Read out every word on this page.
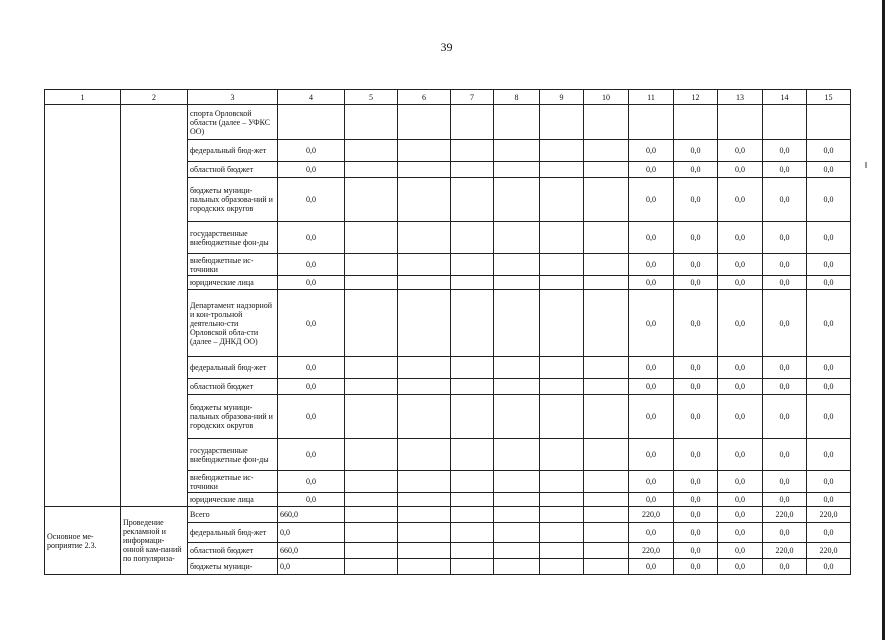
39
1	2	3	4	5	6	7	8	9	10	11	12	13	14	15
		спорта Орловской области (далее – УФКС ОО)												
		федеральный бюд-жет	0,0							0,0	0,0	0,0	0,0	0,0
		областной бюджет	0,0							0,0	0,0	0,0	0,0	0,0
		бюджеты муници-пальных образова-ний и городских округов	0,0							0,0	0,0	0,0	0,0	0,0
		государственные внебюджетные фон-ды	0,0							0,0	0,0	0,0	0,0	0,0
		внебюджетные ис-точники	0,0							0,0	0,0	0,0	0,0	0,0
		юридические лица	0,0							0,0	0,0	0,0	0,0	0,0
		Департамент надзорной и кон-трольной деятельно-сти Орловской обла-сти (далее – ДНКД ОО)	0,0							0,0	0,0	0,0	0,0	0,0
		федеральный бюд-жет	0,0							0,0	0,0	0,0	0,0	0,0
		областной бюджет	0,0							0,0	0,0	0,0	0,0	0,0
		бюджеты муници-пальных образова-ний и городских округов	0,0							0,0	0,0	0,0	0,0	0,0
		государственные внебюджетные фон-ды	0,0							0,0	0,0	0,0	0,0	0,0
		внебюджетные ис-точники	0,0							0,0	0,0	0,0	0,0	0,0
		юридические лица	0,0							0,0	0,0	0,0	0,0	0,0
Основное ме-роприятие 2.3.	Проведение рекламной и информаци-онной кам-паний по популяриза-	Всего	660,0							220,0	0,0	0,0	220,0	220,0
		федеральный бюд-жет	0,0							0,0	0,0	0,0	0,0	0,0
		областной бюджет	660,0							220,0	0,0	0,0	220,0	220,0
		бюджеты муници-	0,0							0,0	0,0	0,0	0,0	0,0
